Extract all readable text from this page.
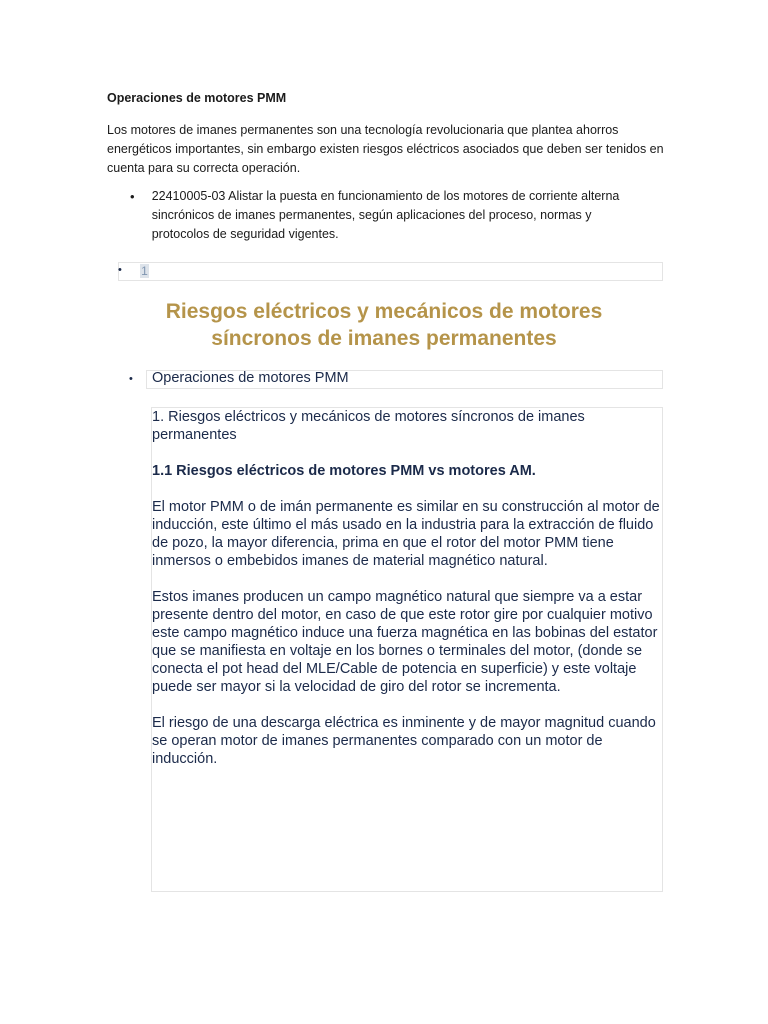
Operaciones de motores PMM
Los motores de imanes permanentes son una tecnología revolucionaria que plantea ahorros energéticos importantes, sin embargo existen riesgos eléctricos asociados que deben ser tenidos en cuenta para su correcta operación.
•	22410005-03 Alistar la puesta en funcionamiento de los motores de corriente alterna sincrónicos de imanes permanentes, según aplicaciones del proceso, normas y protocolos de seguridad vigentes.
• 1
Riesgos eléctricos y mecánicos de motores
síncronos de imanes permanentes
• Operaciones de motores PMM

1. Riesgos eléctricos y mecánicos de motores síncronos de imanes permanentes

1.1 Riesgos eléctricos de motores PMM vs motores AM.

El motor PMM o de imán permanente es similar en su construcción al motor de inducción, este último el más usado en la industria para la extracción de fluido de pozo, la mayor diferencia, prima en que el rotor del motor PMM tiene inmersos o embebidos imanes de material magnético natural.

Estos imanes producen un campo magnético natural que siempre va a estar presente dentro del motor, en caso de que este rotor gire por cualquier motivo este campo magnético induce una fuerza magnética en las bobinas del estator que se manifiesta en voltaje en los bornes o terminales del motor, (donde se conecta el pot head del MLE/Cable de potencia en superficie) y este voltaje puede ser mayor si la velocidad de giro del rotor se incrementa.

El riesgo de una descarga eléctrica es inminente y de mayor magnitud cuando se operan motor de imanes permanentes comparado con un motor de inducción.
